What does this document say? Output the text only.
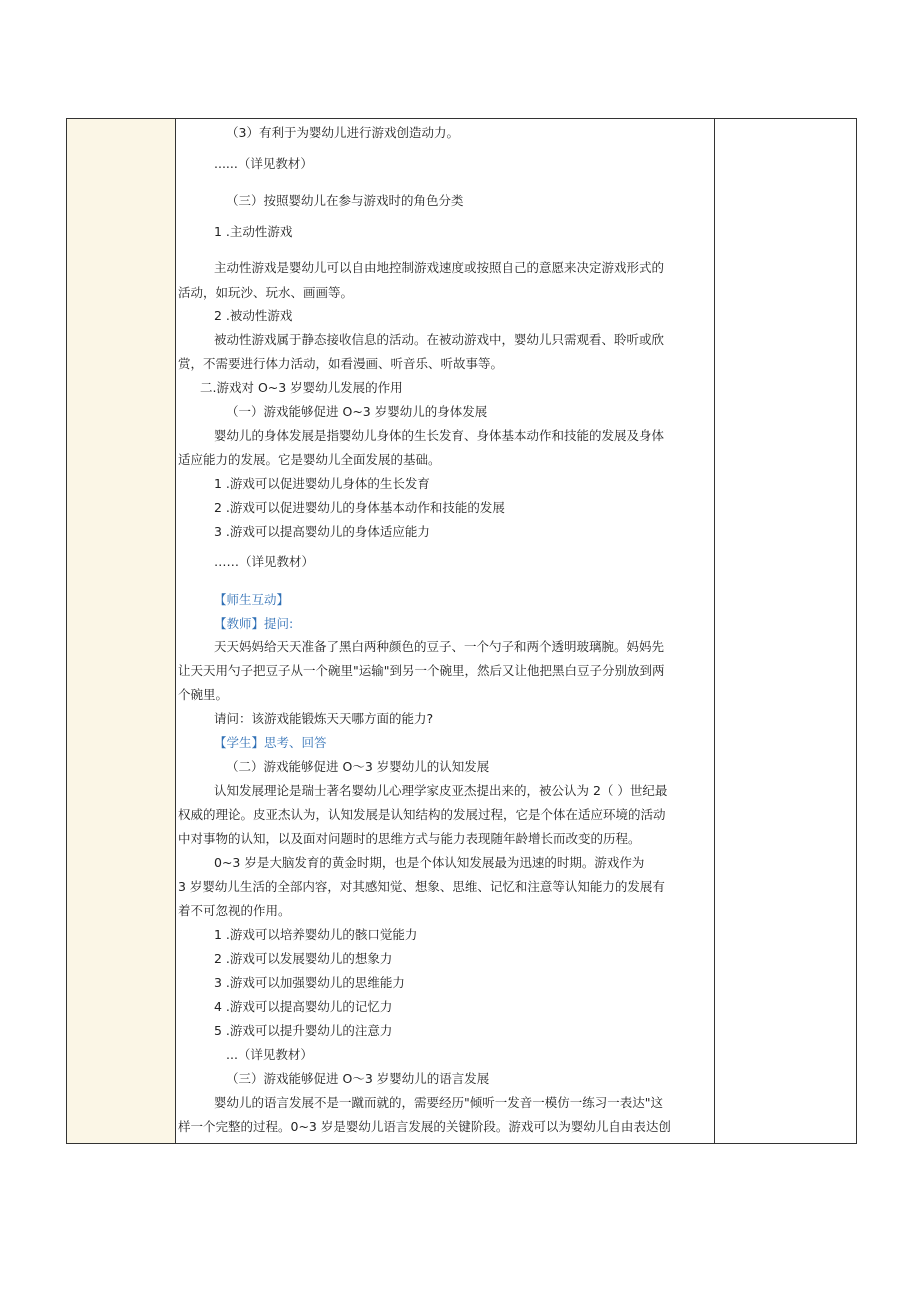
（3）有利于为婴幼儿进行游戏创造动力。
......（详见教材）
（三）按照婴幼儿在参与游戏时的角色分类
1 .主动性游戏
主动性游戏是婴幼儿可以自由地控制游戏速度或按照自己的意愿来决定游戏形式的
活动，如玩沙、玩水、画画等。
2 .被动性游戏
被动性游戏属于静态接收信息的活动。在被动游戏中，婴幼儿只需观看、聆听或欣
赏，不需要进行体力活动，如看漫画、听音乐、听故事等。
二.游戏对 O~3 岁婴幼儿发展的作用
（一）游戏能够促进 O~3 岁婴幼儿的身体发展
婴幼儿的身体发展是指婴幼儿身体的生长发育、身体基本动作和技能的发展及身体
适应能力的发展。它是婴幼儿全面发展的基础。
1 .游戏可以促进婴幼儿身体的生长发育
2 .游戏可以促进婴幼儿的身体基本动作和技能的发展
3 .游戏可以提高婴幼儿的身体适应能力
……（详见教材）
【师生互动】
【教师】提问:
天天妈妈给天天准备了黑白两种颜色的豆子、一个勺子和两个透明玻璃腕。妈妈先
让天天用勺子把豆子从一个碗里"运输"到另一个碗里，然后又让他把黑白豆子分别放到两
个碗里。
请问：该游戏能锻炼天天哪方面的能力?
【学生】思考、回答
（二）游戏能够促进 O～3 岁婴幼儿的认知发展
认知发展理论是瑞士著名婴幼儿心理学家皮亚杰提出来的，被公认为 2（ ）世纪最
权威的理论。皮亚杰认为，认知发展是认知结构的发展过程，它是个体在适应环境的活动
中对事物的认知，以及面对问题时的思维方式与能力表现随年龄增长而改变的历程。
0~3 岁是大脑发育的黄金时期，也是个体认知发展最为迅速的时期。游戏作为
3 岁婴幼儿生活的全部内容，对其感知觉、想象、思维、记忆和注意等认知能力的发展有
着不可忽视的作用。
1 .游戏可以培养婴幼儿的骸口觉能力
2 .游戏可以发展婴幼儿的想象力
3 .游戏可以加强婴幼儿的思维能力
4 .游戏可以提高婴幼儿的记忆力
5 .游戏可以提升婴幼儿的注意力
...（详见教材）
（三）游戏能够促进 O～3 岁婴幼儿的语言发展
婴幼儿的语言发展不是一蹴而就的，需要经历"倾听一发音一模仿一练习一表达"这
样一个完整的过程。0~3 岁是婴幼儿语言发展的关键阶段。游戏可以为婴幼儿自由表达创
